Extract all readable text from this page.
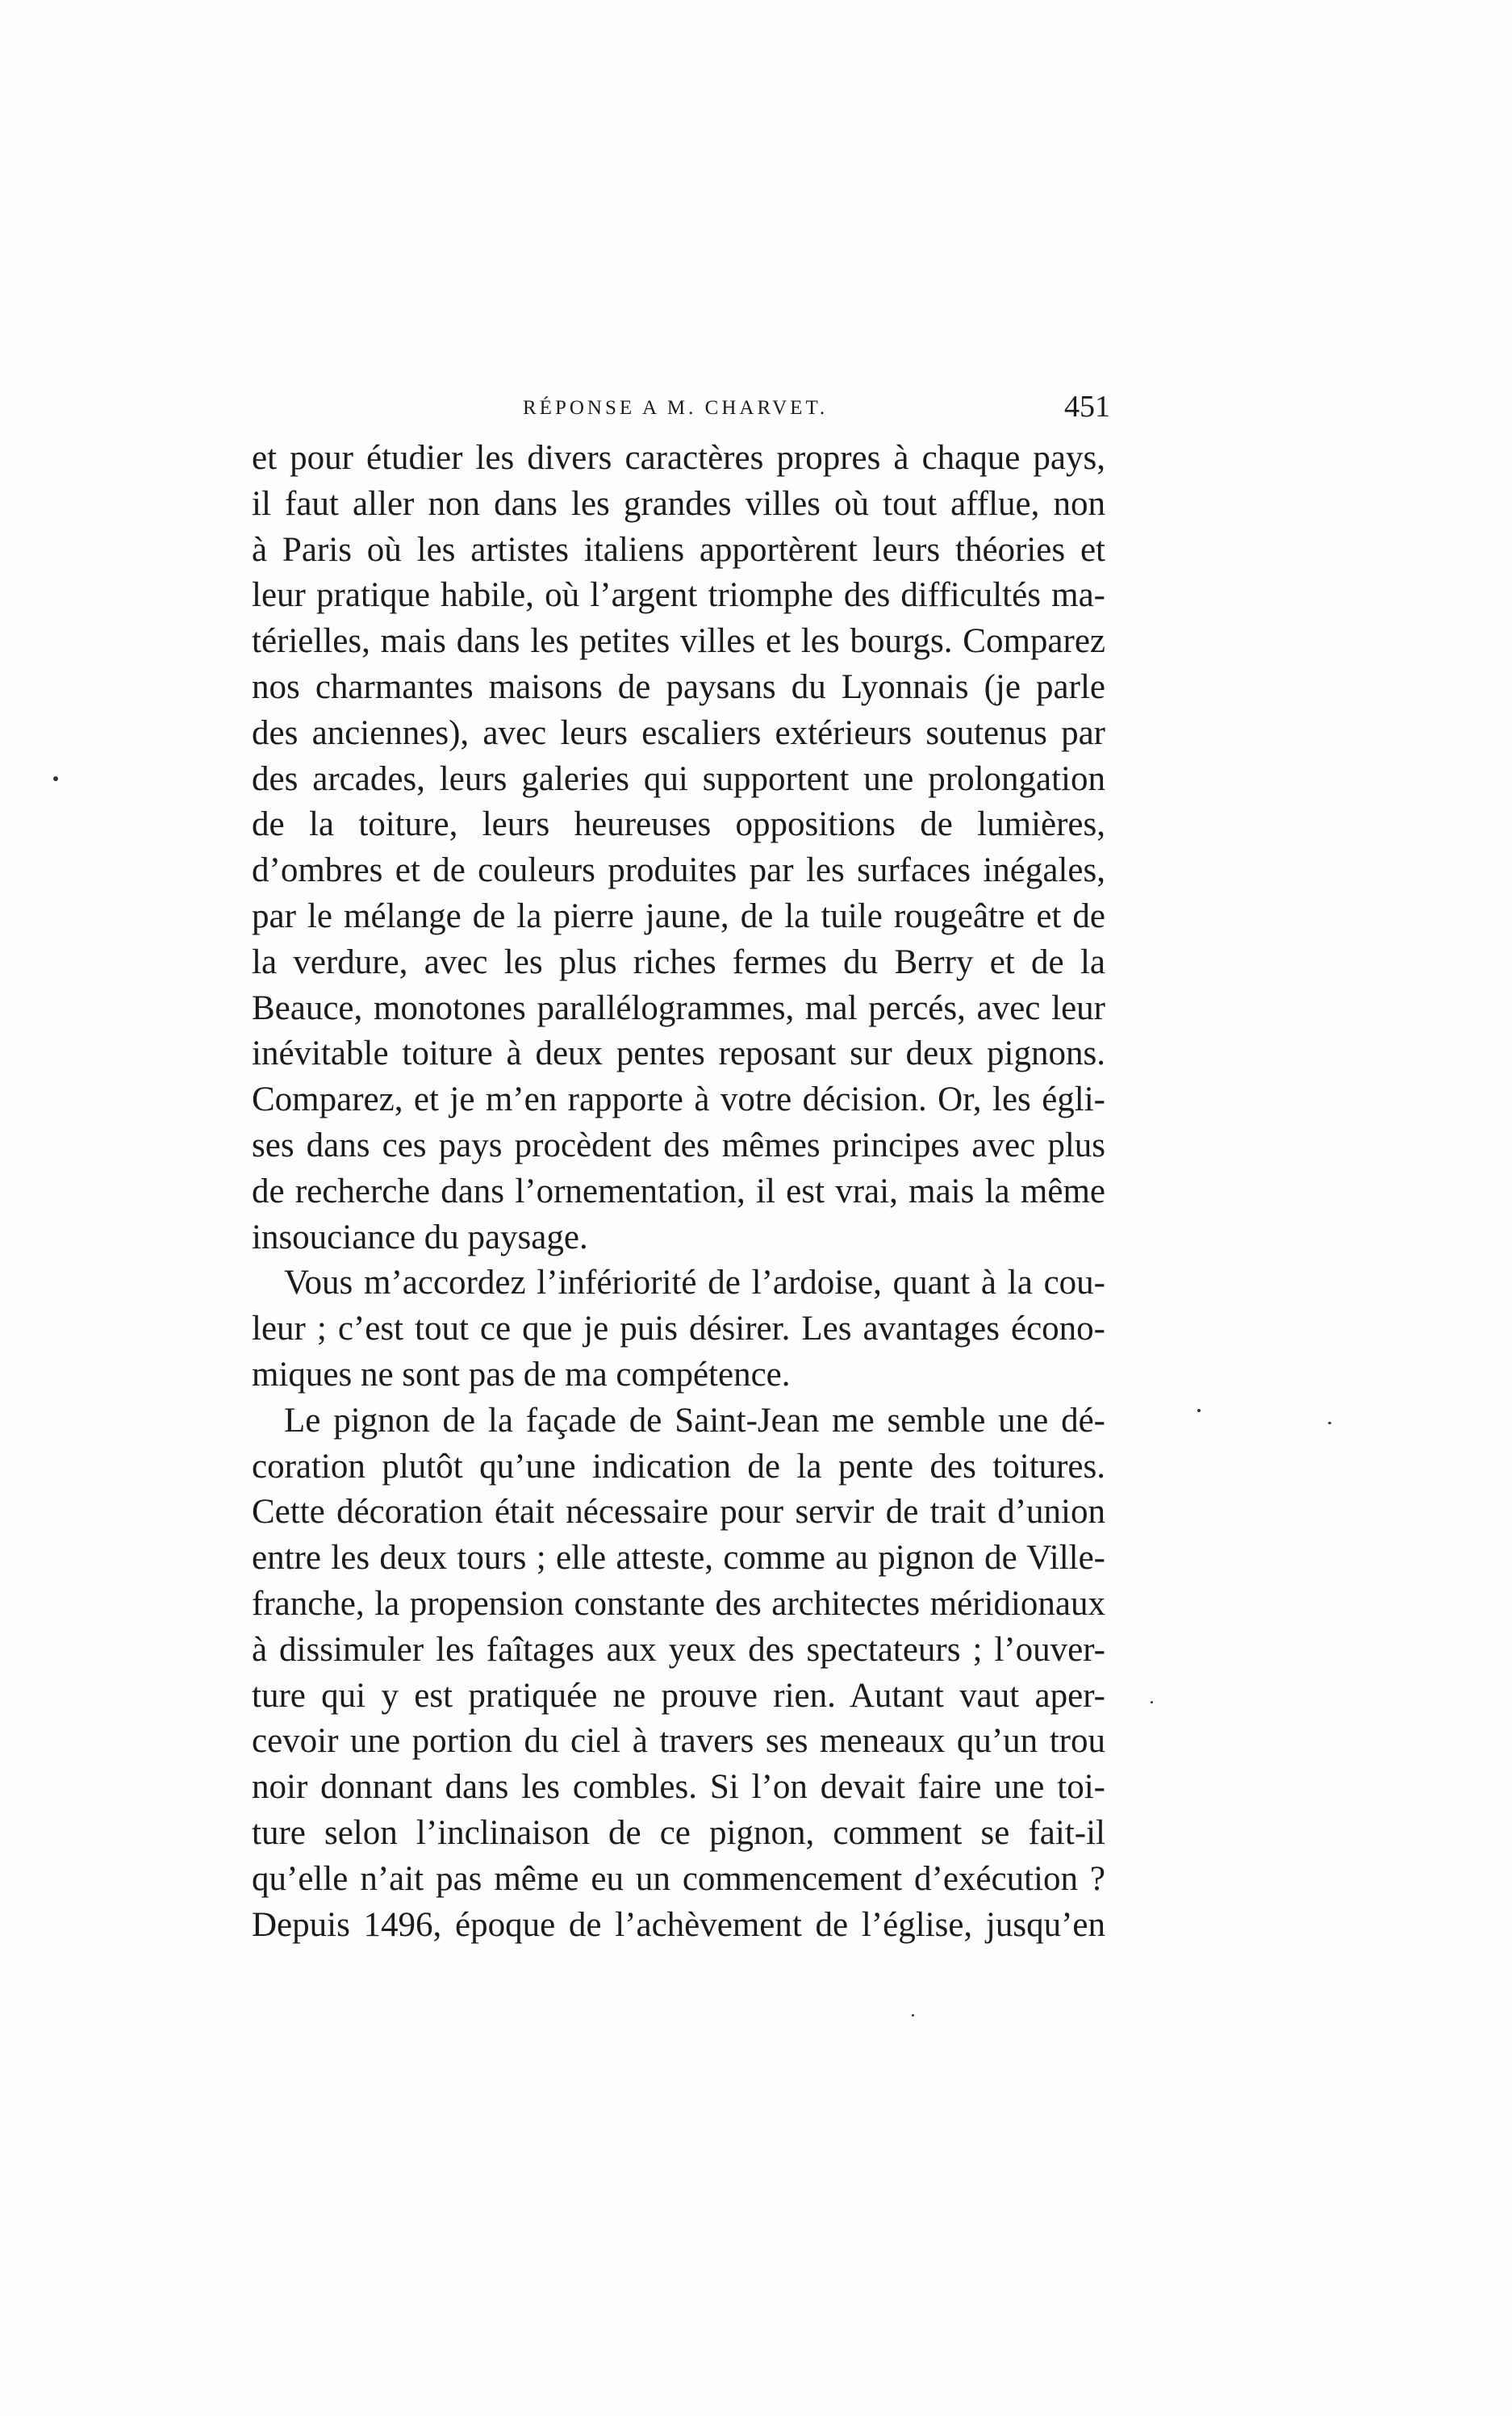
RÉPONSE A M. CHARVET.	451
et pour étudier les divers caractères propres à chaque pays,
il faut aller non dans les grandes villes où tout afflue, non
à Paris où les artistes italiens apportèrent leurs théories et
leur pratique habile, où l’argent triomphe des difficultés ma-
térielles, mais dans les petites villes et les bourgs. Comparez
nos charmantes maisons de paysans du Lyonnais (je parle
des anciennes), avec leurs escaliers extérieurs soutenus par
des arcades, leurs galeries qui supportent une prolongation
de la toiture, leurs heureuses oppositions de lumières,
d’ombres et de couleurs produites par les surfaces inégales,
par le mélange de la pierre jaune, de la tuile rougeâtre et de
la verdure, avec les plus riches fermes du Berry et de la
Beauce, monotones parallélogrammes, mal percés, avec leur
inévitable toiture à deux pentes reposant sur deux pignons.
Comparez, et je m’en rapporte à votre décision. Or, les égli-
ses dans ces pays procèdent des mêmes principes avec plus
de recherche dans l’ornementation, il est vrai, mais la même
insouciance du paysage.
Vous m’accordez l’infériorité de l’ardoise, quant à la cou-
leur ; c’est tout ce que je puis désirer. Les avantages écono-
miques ne sont pas de ma compétence.
Le pignon de la façade de Saint-Jean me semble une dé-
coration plutôt qu’une indication de la pente des toitures.
Cette décoration était nécessaire pour servir de trait d’union
entre les deux tours ; elle atteste, comme au pignon de Ville-
franche, la propension constante des architectes méridionaux
à dissimuler les faîtages aux yeux des spectateurs ; l’ouver-
ture qui y est pratiquée ne prouve rien. Autant vaut aper-
cevoir une portion du ciel à travers ses meneaux qu’un trou
noir donnant dans les combles. Si l’on devait faire une toi-
ture selon l’inclinaison de ce pignon, comment se fait-il
qu’elle n’ait pas même eu un commencement d’exécution ?
Depuis 1496, époque de l’achèvement de l’église, jusqu’en
